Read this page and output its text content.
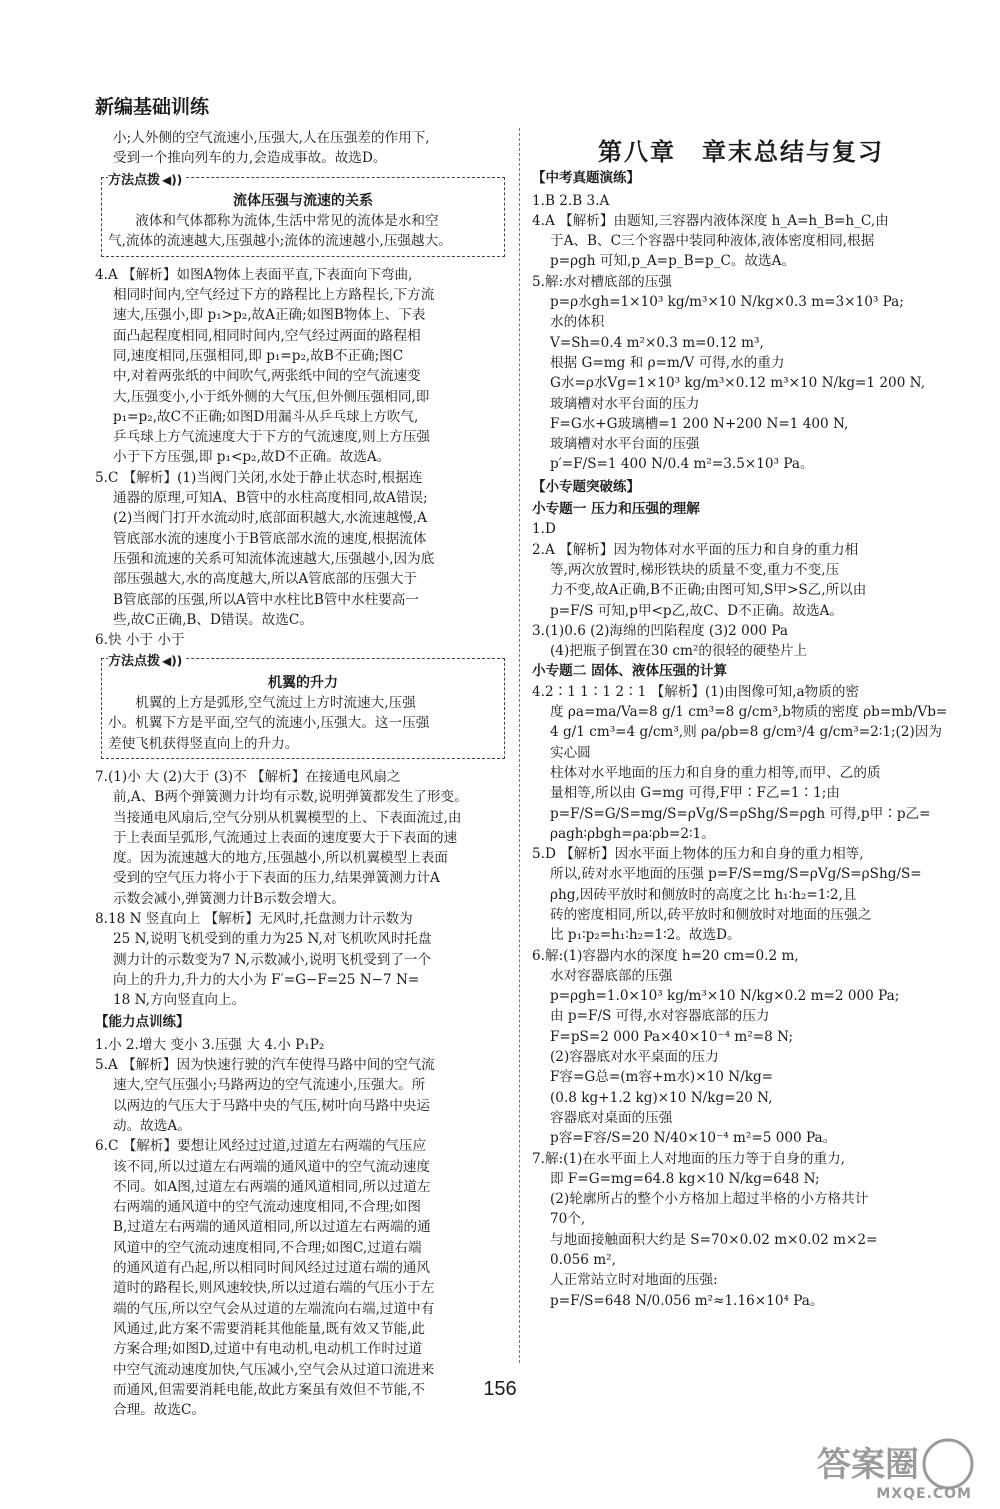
新编基础训练

小;人外侧的空气流速小,压强大,人在压强差的作用下,

受到一个推向列车的力,会造成事故。故选D。

方法点拨 ◀))
流体压强与流速的关系

液体和气体都称为流体,生活中常见的流体是水和空

气,流体的流速越大,压强越小;流体的流速越小,压强越大。

4.A 【解析】如图A物体上表面平直,下表面向下弯曲,

相同时间内,空气经过下方的路程比上方路程长,下方流

速大,压强小,即 p₁>p₂,故A正确;如图B物体上、下表

面凸起程度相同,相同时间内,空气经过两面的路程相

同,速度相同,压强相同,即 p₁=p₂,故B不正确;图C

中,对着两张纸的中间吹气,两张纸中间的空气流速变

大,压强变小,小于纸外侧的大气压,但外侧压强相同,即

p₁=p₂,故C不正确;如图D用漏斗从乒乓球上方吹气,

乒乓球上方气流速度大于下方的气流速度,则上方压强

小于下方压强,即 p₁<p₂,故D不正确。故选A。

5.C 【解析】(1)当阀门关闭,水处于静止状态时,根据连

通器的原理,可知A、B管中的水柱高度相同,故A错误;

(2)当阀门打开水流动时,底部面积越大,水流速越慢,A

管底部水流的速度小于B管底部水流的速度,根据流体

压强和流速的关系可知流体流速越大,压强越小,因为底

部压强越大,水的高度越大,所以A管底部的压强大于

B管底部的压强,所以A管中水柱比B管中水柱要高一

些,故C正确,B、D错误。故选C。

6.快 小于 小于

方法点拨 ◀))
机翼的升力

机翼的上方是弧形,空气流过上方时流速大,压强

小。机翼下方是平面,空气的流速小,压强大。这一压强

差使飞机获得竖直向上的升力。

7.(1)小 大 (2)大于 (3)不 【解析】在接通电风扇之

前,A、B两个弹簧测力计均有示数,说明弹簧都发生了形变。

当接通电风扇后,空气分别从机翼模型的上、下表面流过,由

于上表面呈弧形,气流通过上表面的速度要大于下表面的速

度。因为流速越大的地方,压强越小,所以机翼模型上表面

受到的空气压力将小于下表面的压力,结果弹簧测力计A

示数会减小,弹簧测力计B示数会增大。

8.18 N 竖直向上 【解析】无风时,托盘测力计示数为

25 N,说明飞机受到的重力为25 N,对飞机吹风时托盘

测力计的示数变为7 N,示数减小,说明飞机受到了一个

向上的升力,升力的大小为 F′=G−F=25 N−7 N=

18 N,方向竖直向上。

【能力点训练】

1.小 2.增大 变小 3.压强 大 4.小 P₁P₂

5.A 【解析】因为快速行驶的汽车使得马路中间的空气流

速大,空气压强小;马路两边的空气流速小,压强大。所

以两边的气压大于马路中央的气压,树叶向马路中央运

动。故选A。

6.C 【解析】要想让风经过过道,过道左右两端的气压应

该不同,所以过道左右两端的通风道中的空气流动速度

不同。如A图,过道左右两端的通风道相同,所以过道左

右两端的通风道中的空气流动速度相同,不合理;如图

B,过道左右两端的通风道相同,所以过道左右两端的通

风道中的空气流动速度相同,不合理;如图C,过道右端

的通风道有凸起,所以相同时间风经过过道右端的通风

道时的路程长,则风速较快,所以过道右端的气压小于左

端的气压,所以空气会从过道的左端流向右端,过道中有

风通过,此方案不需要消耗其他能量,既有效又节能,此

方案合理;如图D,过道中有电动机,电动机工作时过道

中空气流动速度加快,气压减小,空气会从过道口流进来

而通风,但需要消耗电能,故此方案虽有效但不节能,不

合理。故选C。

第八章 章末总结与复习
【中考真题演练】

1.B 2.B 3.A

4.A 【解析】由题知,三容器内液体深度 h_A=h_B=h_C,由

于A、B、C三个容器中装同种液体,液体密度相同,根据

p=ρgh 可知,p_A=p_B=p_C。故选A。

5.解:水对槽底部的压强

p=ρ水gh=1×10³ kg/m³×10 N/kg×0.3 m=3×10³ Pa;

水的体积

V=Sh=0.4 m²×0.3 m=0.12 m³,

根据 G=mg 和 ρ=m/V 可得,水的重力

G水=ρ水Vg=1×10³ kg/m³×0.12 m³×10 N/kg=1 200 N,

玻璃槽对水平台面的压力

F=G水+G玻璃槽=1 200 N+200 N=1 400 N,

玻璃槽对水平台面的压强

p′=F/S=1 400 N/0.4 m²=3.5×10³ Pa。

【小专题突破练】
小专题一 压力和压强的理解

1.D

2.A 【解析】因为物体对水平面的压力和自身的重力相

等,两次放置时,梯形铁块的质量不变,重力不变,压

力不变,故A正确,B不正确;由图可知,S甲>S乙,所以由

p=F/S 可知,p甲<p乙,故C、D不正确。故选A。

3.(1)0.6 (2)海绵的凹陷程度 (3)2 000 Pa

(4)把瓶子倒置在30 cm²的很轻的硬垫片上

小专题二 固体、液体压强的计算

4.2∶1 1∶1 2∶1 【解析】(1)由图像可知,a物质的密

度 ρa=ma/Va=8 g/1 cm³=8 g/cm³,b物质的密度 ρb=mb/Vb=

4 g/1 cm³=4 g/cm³,则 ρa/ρb=8 g/cm³/4 g/cm³=2∶1;(2)因为实心圆

柱体对水平地面的压力和自身的重力相等,而甲、乙的质

量相等,所以由 G=mg 可得,F甲∶F乙=1∶1;由

p=F/S=G/S=mg/S=ρVg/S=ρShg/S=ρgh 可得,p甲∶p乙=

ρagh∶ρbgh=ρa∶ρb=2∶1。

5.D 【解析】因水平面上物体的压力和自身的重力相等,

所以,砖对水平地面的压强 p=F/S=mg/S=ρVg/S=ρShg/S=

ρhg,因砖平放时和侧放时的高度之比 h₁∶h₂=1∶2,且

砖的密度相同,所以,砖平放时和侧放时对地面的压强之

比 p₁∶p₂=h₁∶h₂=1∶2。故选D。

6.解:(1)容器内水的深度 h=20 cm=0.2 m,

水对容器底部的压强

p=ρgh=1.0×10³ kg/m³×10 N/kg×0.2 m=2 000 Pa;

由 p=F/S 可得,水对容器底部的压力

F=pS=2 000 Pa×40×10⁻⁴ m²=8 N;

(2)容器底对水平桌面的压力

F容=G总=(m容+m水)×10 N/kg=

(0.8 kg+1.2 kg)×10 N/kg=20 N,

容器底对桌面的压强

p容=F容/S=20 N/40×10⁻⁴ m²=5 000 Pa。

7.解:(1)在水平面上人对地面的压力等于自身的重力,

即 F=G=mg=64.8 kg×10 N/kg=648 N;

(2)轮廓所占的整个小方格加上超过半格的小方格共计

70个,

与地面接触面积大约是 S=70×0.02 m×0.02 m×2=

0.056 m²,

人正常站立时对地面的压强:

p=F/S=648 N/0.056 m²≈1.16×10⁴ Pa。

156
答案圈
MXQE.COM
